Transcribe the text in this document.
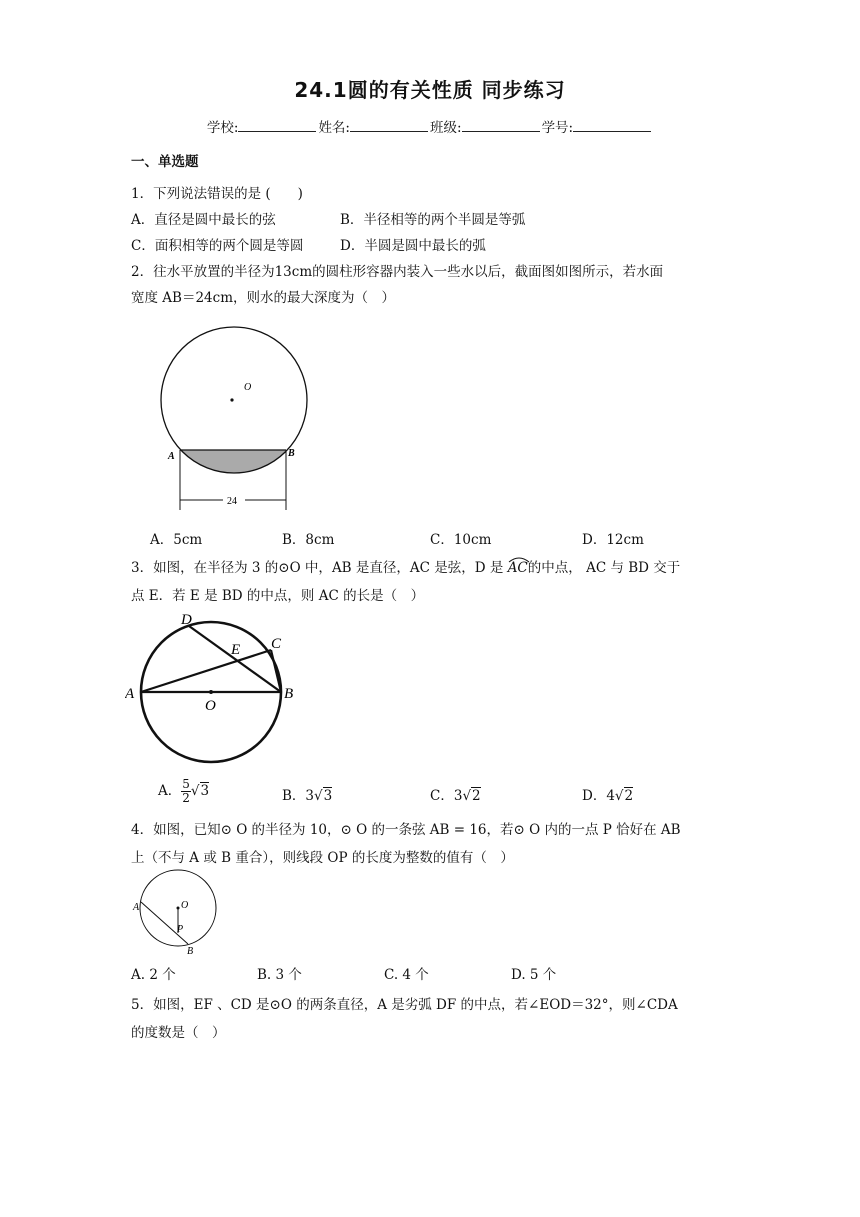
24.1圆的有关性质 同步练习
学校:	姓名:	班级:	学号:
一、单选题
1．下列说法错误的是 (　　)
A．直径是圆中最长的弦	B．半径相等的两个半圆是等弧
C．面积相等的两个圆是等圆	D．半圆是圆中最长的弧
2．往水平放置的半径为13cm的圆柱形容器内装入一些水以后，截面图如图所示，若水面
宽度 AB＝24cm，则水的最大深度为（　）
O
A	B
24
A．5cm	B．8cm	C．10cm	D．12cm
3．如图，在半径为 3 的⊙O 中，AB 是直径，AC 是弦，D 是 AC的中点， AC 与 BD 交于
点 E．若 E 是 BD 的中点，则 AC 的长是（　）
A	B
C
D
E
O
A． $\frac{5}{2} √3$	B．3√3	C．3√2	D．4√2
4．如图，已知⊙ O 的半径为 10，⊙ O 的一条弦 AB = 16，若⊙ O 内的一点 P 恰好在 AB
上（不与 A 或 B 重合），则线段 OP 的长度为整数的值有（　）
A
B
O
P
A. 2 个	B. 3 个	C. 4 个	D. 5 个
5．如图，EF 、CD 是⊙O 的两条直径，A 是劣弧 DF 的中点，若∠EOD＝32°，则∠CDA
的度数是（　）
